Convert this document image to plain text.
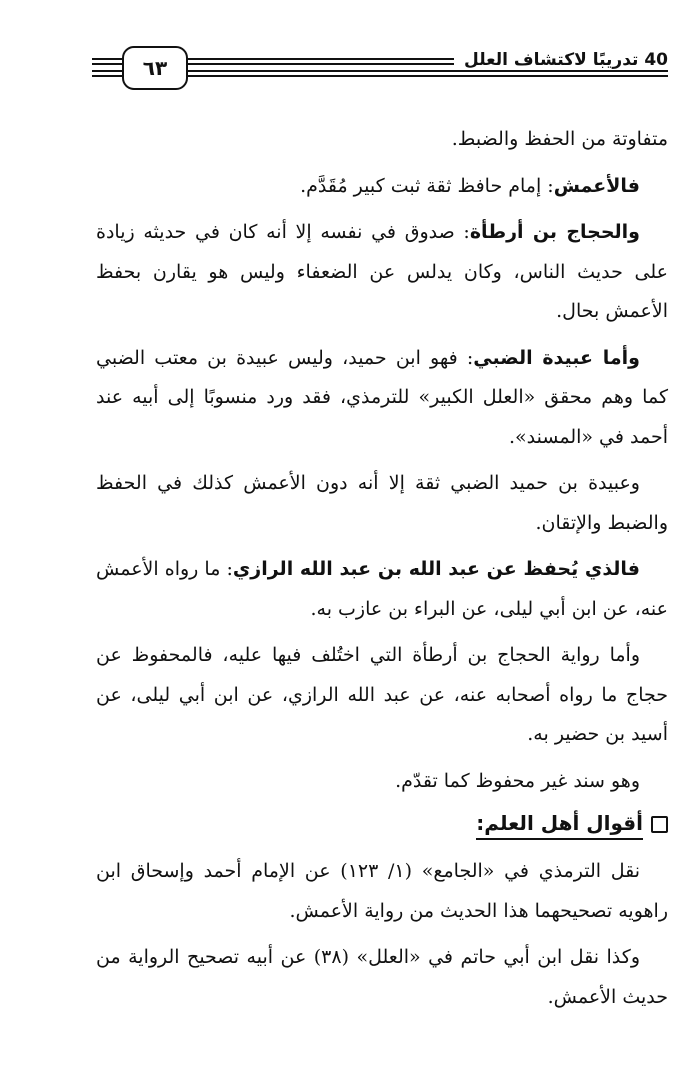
٦٣	40 تدريبًا لاكتشاف العلل

متفاوتة من الحفظ والضبط.

فالأعمش: إمام حافظ ثقة ثبت كبير مُقَدَّم.

والحجاج بن أرطأة: صدوق في نفسه إلا أنه كان في حديثه زيادة على حديث الناس، وكان يدلس عن الضعفاء وليس هو يقارن بحفظ الأعمش بحال.

وأما عبيدة الضبي: فهو ابن حميد، وليس عبيدة بن معتب الضبي كما وهم محقق «العلل الكبير» للترمذي، فقد ورد منسوبًا إلى أبيه عند أحمد في «المسند».

وعبيدة بن حميد الضبي ثقة إلا أنه دون الأعمش كذلك في الحفظ والضبط والإتقان.

فالذي يُحفظ عن عبد الله بن عبد الله الرازي: ما رواه الأعمش عنه، عن ابن أبي ليلى، عن البراء بن عازب به.

وأما رواية الحجاج بن أرطأة التي اختُلف فيها عليه، فالمحفوظ عن حجاج ما رواه أصحابه عنه، عن عبد الله الرازي، عن ابن أبي ليلى، عن أسيد بن حضير به.

وهو سند غير محفوظ كما تقدّم.

أقوال أهل العلم:

نقل الترمذي في «الجامع» (١/ ١٢٣) عن الإمام أحمد وإسحاق ابن راهويه تصحيحهما هذا الحديث من رواية الأعمش.

وكذا نقل ابن أبي حاتم في «العلل» (٣٨) عن أبيه تصحيح الرواية من حديث الأعمش.
